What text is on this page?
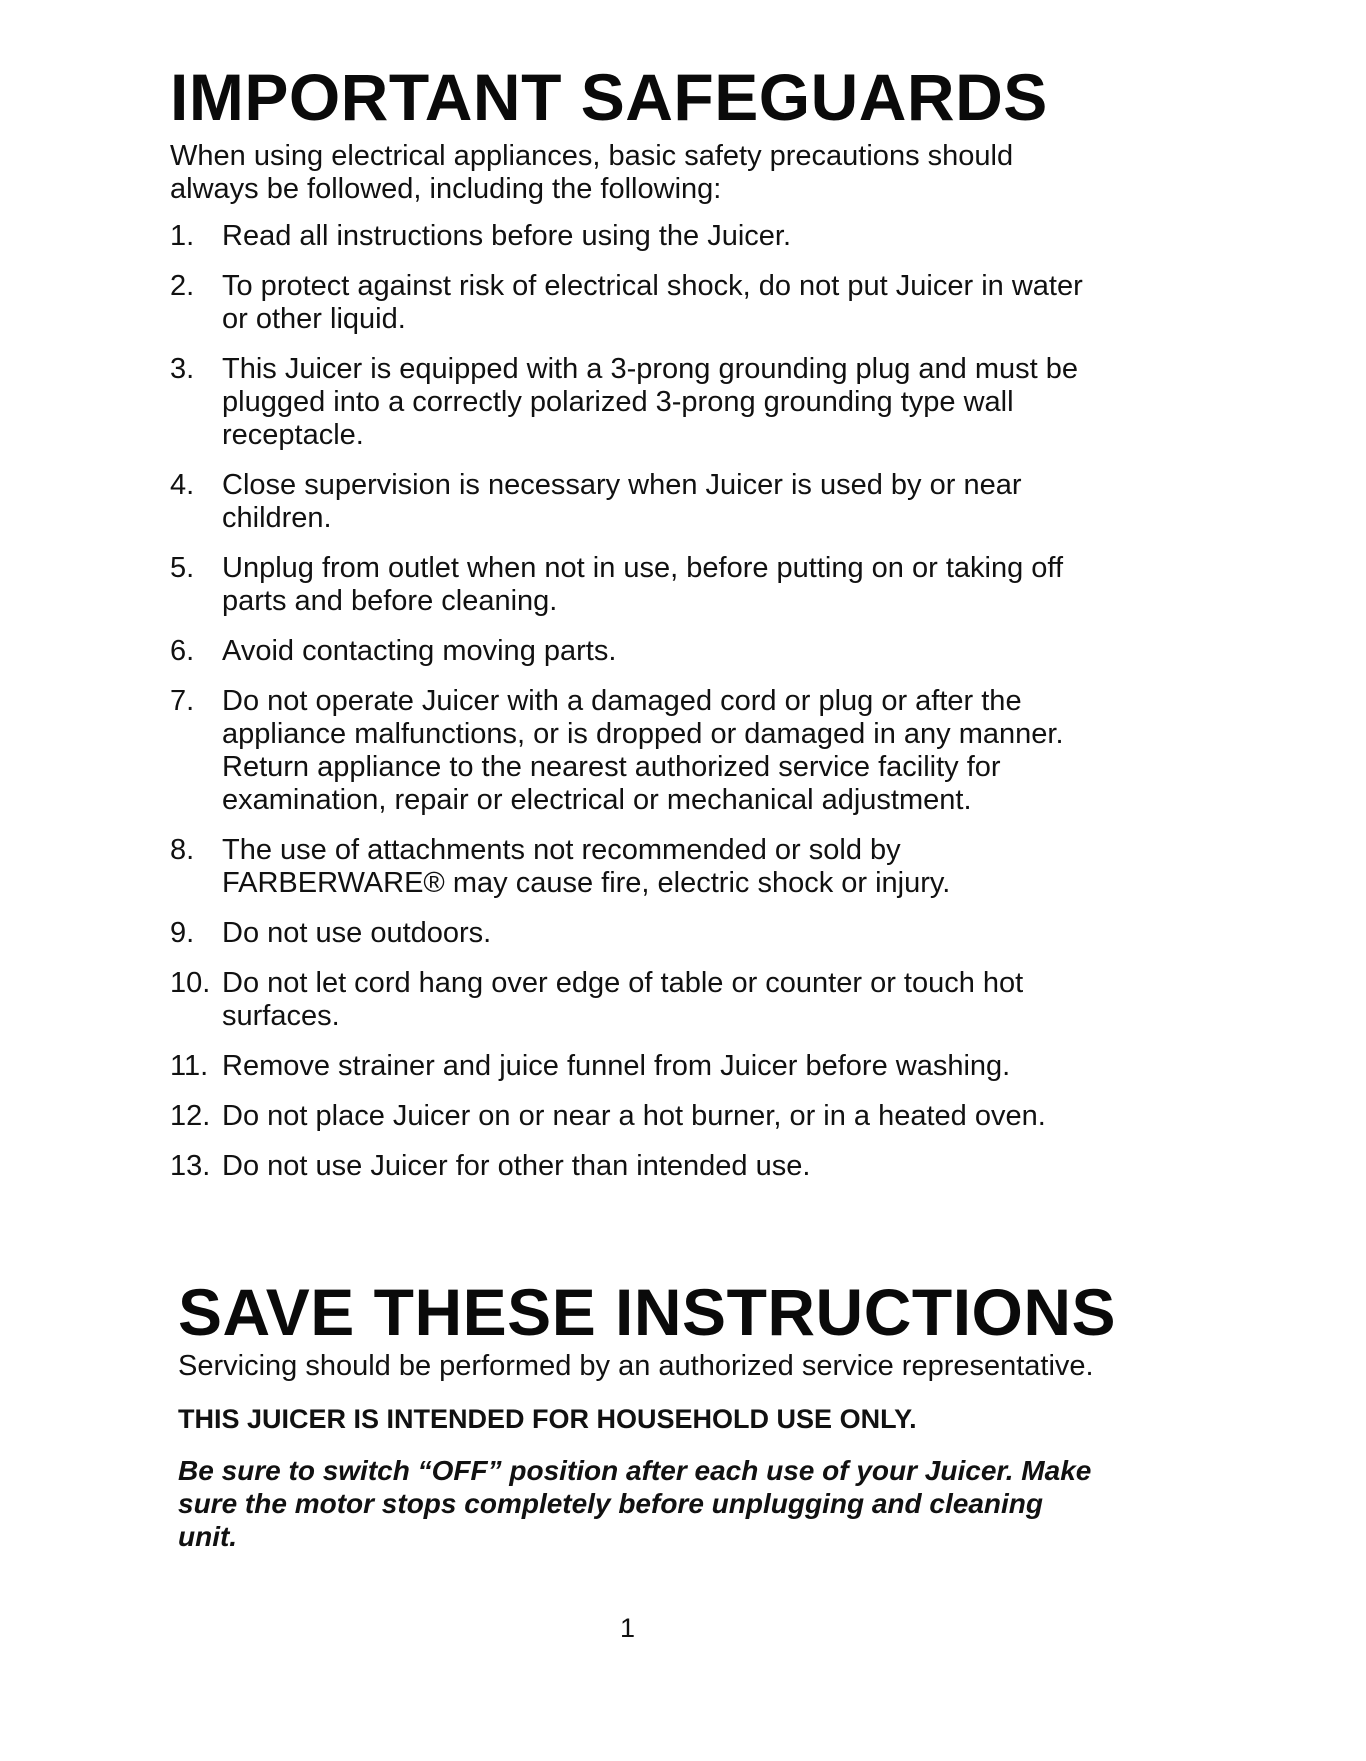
IMPORTANT SAFEGUARDS

When using electrical appliances, basic safety precautions should always be followed, including the following:

1. Read all instructions before using the Juicer.
2. To protect against risk of electrical shock, do not put Juicer in water or other liquid.
3. This Juicer is equipped with a 3-prong grounding plug and must be plugged into a correctly polarized 3-prong grounding type wall receptacle.
4. Close supervision is necessary when Juicer is used by or near children.
5. Unplug from outlet when not in use, before putting on or taking off parts and before cleaning.
6. Avoid contacting moving parts.
7. Do not operate Juicer with a damaged cord or plug or after the appliance malfunctions, or is dropped or damaged in any manner. Return appliance to the nearest authorized service facility for examination, repair or electrical or mechanical adjustment.
8. The use of attachments not recommended or sold by FARBERWARE® may cause fire, electric shock or injury.
9. Do not use outdoors.
10. Do not let cord hang over edge of table or counter or touch hot surfaces.
11. Remove strainer and juice funnel from Juicer before washing.
12. Do not place Juicer on or near a hot burner, or in a heated oven.
13. Do not use Juicer for other than intended use.
SAVE THESE INSTRUCTIONS

Servicing should be performed by an authorized service representative.

THIS JUICER IS INTENDED FOR HOUSEHOLD USE ONLY.

Be sure to switch “OFF” position after each use of your Juicer. Make sure the motor stops completely before unplugging and cleaning unit.

1
